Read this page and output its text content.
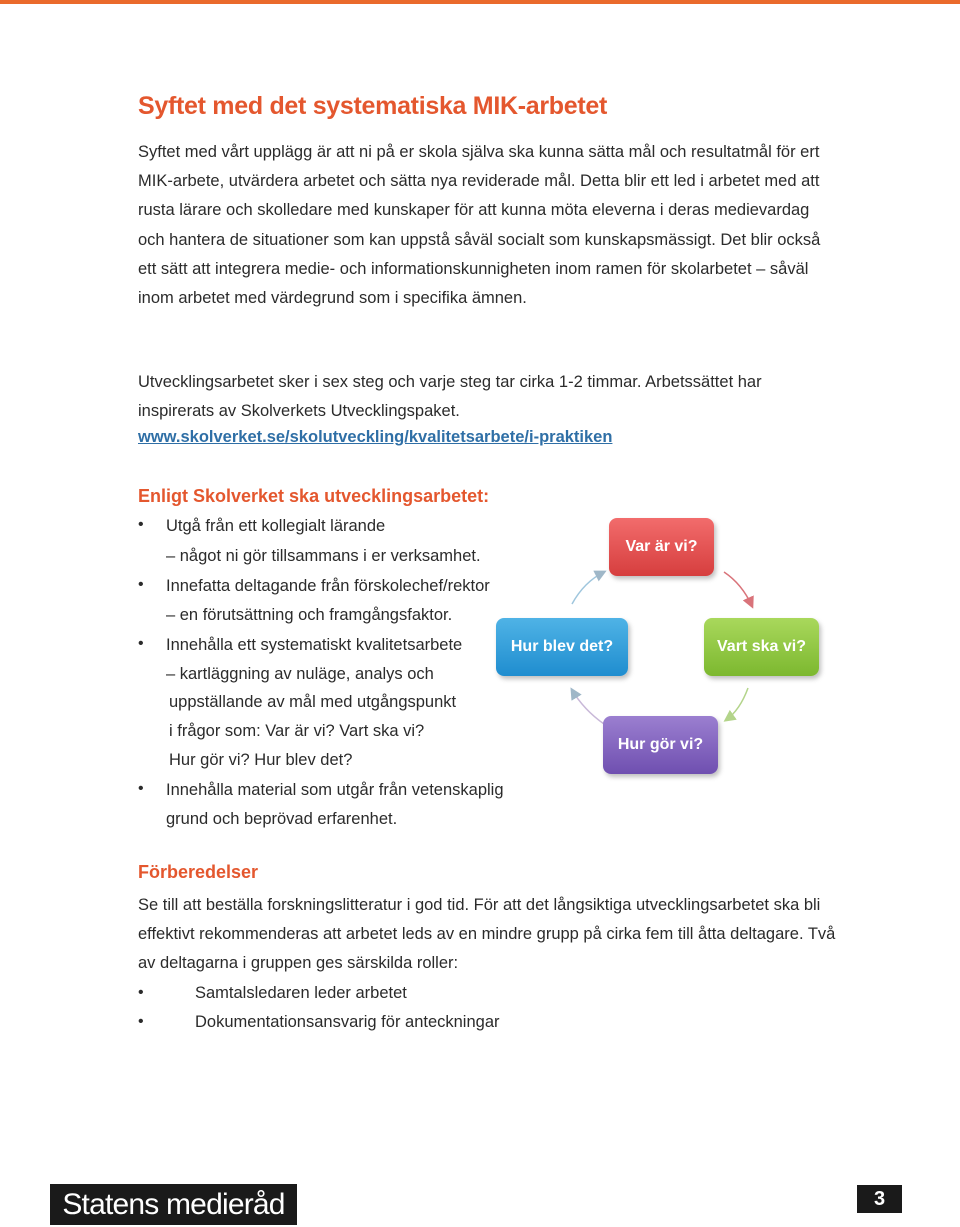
Syftet med det systematiska MIK-arbetet

Syftet med vårt upplägg är att ni på er skola själva ska kunna sätta mål och resultatmål för ert MIK-arbete, utvärdera arbetet och sätta nya reviderade mål. Detta blir ett led i arbetet med att rusta lärare och skolledare med kunskaper för att kunna möta eleverna i deras medievardag och hantera de situationer som kan uppstå såväl socialt som kunskapsmässigt. Det blir också ett sätt att integrera medie- och informationskunnigheten inom ramen för skolarbetet – såväl inom arbetet med värdegrund som i specifika ämnen.

Utvecklingsarbetet sker i sex steg och varje steg tar cirka 1-2 timmar. Arbetssättet har inspirerats av Skolverkets Utvecklingspaket.

www.skolverket.se/skolutveckling/kvalitetsarbete/i-praktiken
Enligt Skolverket ska utvecklingsarbetet:
• Utgå från ett kollegialt lärande
– något ni gör tillsammans i er verksamhet.
• Innefatta deltagande från förskolechef/rektor
– en förutsättning och framgångsfaktor.
• Innehålla ett systematiskt kvalitetsarbete
– kartläggning av nuläge, analys och
uppställande av mål med utgångspunkt
i frågor som: Var är vi? Vart ska vi?
Hur gör vi? Hur blev det?
• Innehålla material som utgår från vetenskaplig
grund och beprövad erfarenhet.
Var är vi?
Hur blev det?	Vart ska vi?
Hur gör vi?
Förberedelser

Se till att beställa forskningslitteratur i god tid. För att det långsiktiga utvecklingsarbetet ska bli effektivt rekommenderas att arbetet leds av en mindre grupp på cirka fem till åtta deltagare. Två av deltagarna i gruppen ges särskilda roller:

•	Samtalsledaren leder arbetet
•	Dokumentationsansvarig för anteckningar
Statens medieråd	3
